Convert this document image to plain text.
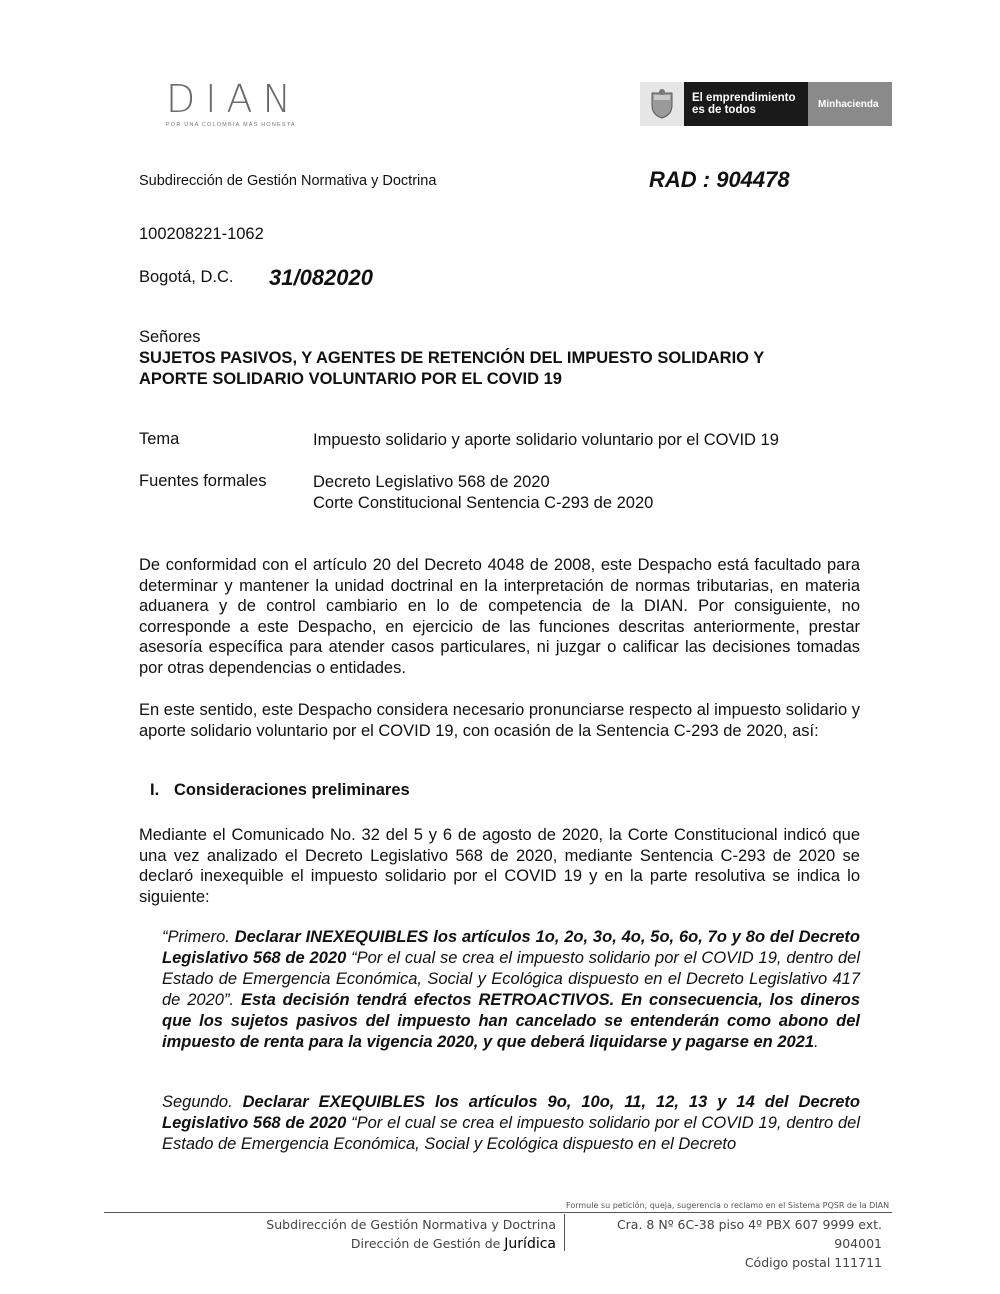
DIAN
POR UNA COLOMBIA MÁS HONESTA
El emprendimiento
es de todos	Minhacienda
Subdirección de Gestión Normativa y Doctrina	RAD : 904478
100208221-1062
Bogotá, D.C. 31/082020
Señores
SUJETOS PASIVOS, Y AGENTES DE RETENCIÓN DEL IMPUESTO SOLIDARIO Y
APORTE SOLIDARIO VOLUNTARIO POR EL COVID 19
Tema	Impuesto solidario y aporte solidario voluntario por el COVID 19
Fuentes formales	Decreto Legislativo 568 de 2020
Corte Constitucional Sentencia C-293 de 2020
De conformidad con el artículo 20 del Decreto 4048 de 2008, este Despacho está facultado para determinar y mantener la unidad doctrinal en la interpretación de normas tributarias, en materia aduanera y de control cambiario en lo de competencia de la DIAN. Por consiguiente, no corresponde a este Despacho, en ejercicio de las funciones descritas anteriormente, prestar asesoría específica para atender casos particulares, ni juzgar o calificar las decisiones tomadas por otras dependencias o entidades.
En este sentido, este Despacho considera necesario pronunciarse respecto al impuesto solidario y aporte solidario voluntario por el COVID 19, con ocasión de la Sentencia C-293 de 2020, así:
I. Consideraciones preliminares
Mediante el Comunicado No. 32 del 5 y 6 de agosto de 2020, la Corte Constitucional indicó que una vez analizado el Decreto Legislativo 568 de 2020, mediante Sentencia C-293 de 2020 se declaró inexequible el impuesto solidario por el COVID 19 y en la parte resolutiva se indica lo siguiente:
“Primero. Declarar INEXEQUIBLES los artículos 1o, 2o, 3o, 4o, 5o, 6o, 7o y 8o del Decreto Legislativo 568 de 2020 “Por el cual se crea el impuesto solidario por el COVID 19, dentro del Estado de Emergencia Económica, Social y Ecológica dispuesto en el Decreto Legislativo 417 de 2020”. Esta decisión tendrá efectos RETROACTIVOS. En consecuencia, los dineros que los sujetos pasivos del impuesto han cancelado se entenderán como abono del impuesto de renta para la vigencia 2020, y que deberá liquidarse y pagarse en 2021.
Segundo. Declarar EXEQUIBLES los artículos 9o, 10o, 11, 12, 13 y 14 del Decreto Legislativo 568 de 2020 “Por el cual se crea el impuesto solidario por el COVID 19, dentro del Estado de Emergencia Económica, Social y Ecológica dispuesto en el Decreto
Formule su petición, queja, sugerencia o reclamo en el Sistema PQSR de la DIAN
Subdirección de Gestión Normativa y Doctrina
Dirección de Gestión de Jurídica
Cra. 8 Nº 6C-38 piso 4º PBX 607 9999 ext. 904001
Código postal 111711
